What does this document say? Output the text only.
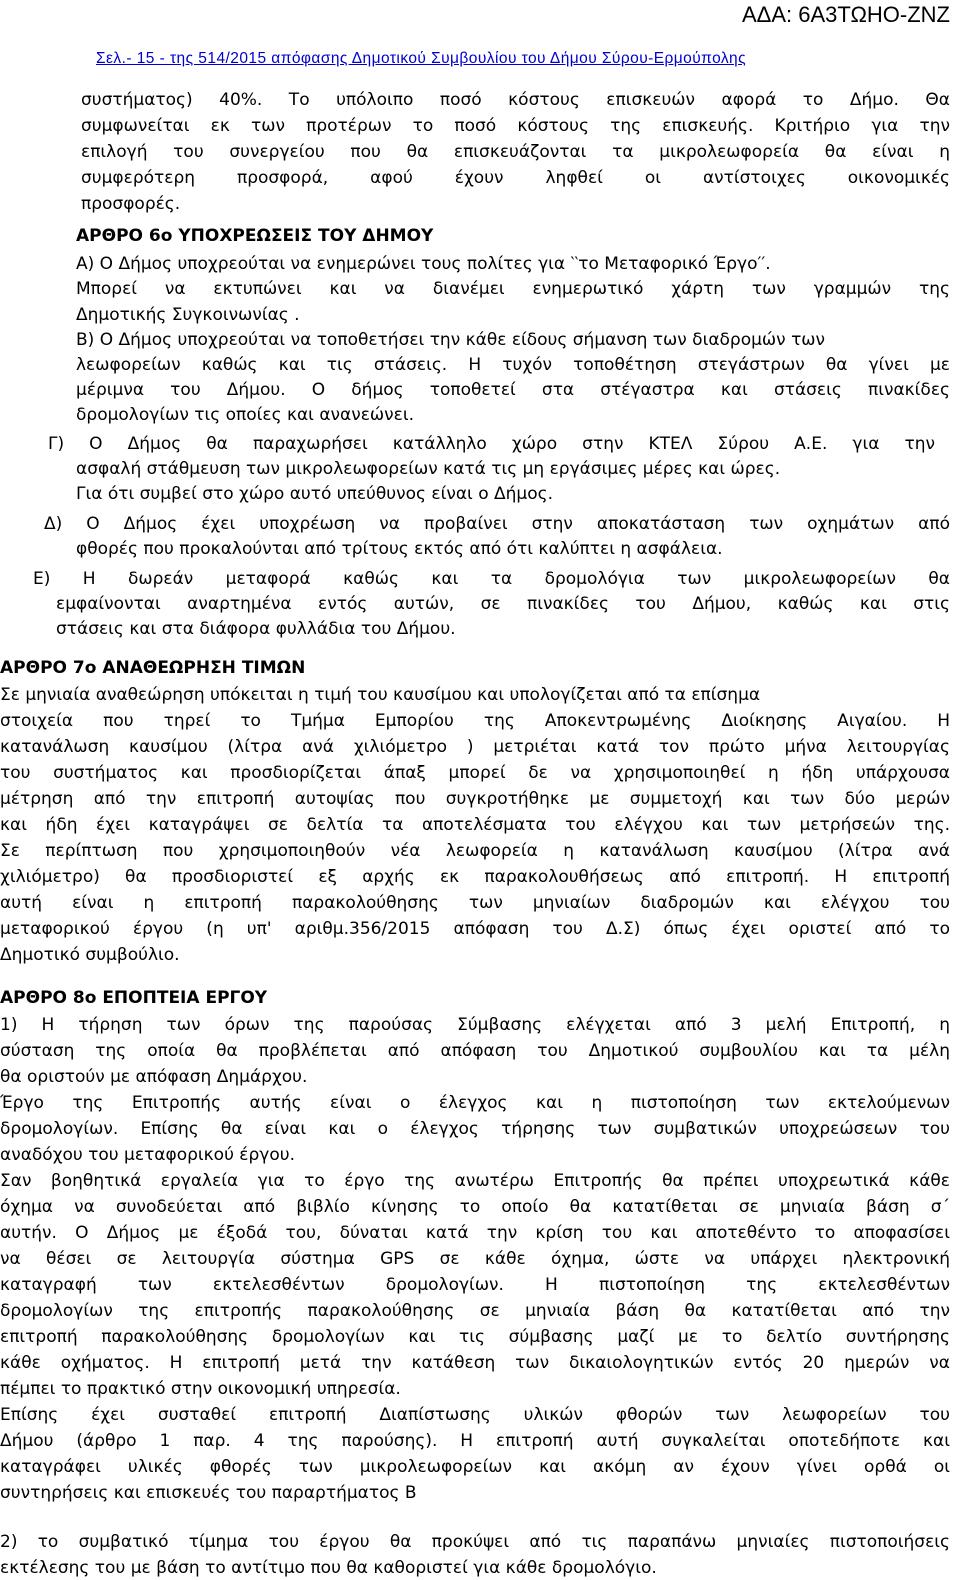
ΑΔΑ: 6Α3ΤΩΗΟ-ΖΝΖ
Σελ.- 15 - της 514/2015 απόφασης Δημοτικού Συμβουλίου του Δήμου Σύρου-Ερμούπολης
συστήματος) 40%. Το υπόλοιπο ποσό κόστους επισκευών αφορά το Δήμο. Θα
συμφωνείται εκ των προτέρων το ποσό κόστους της επισκευής. Κριτήριο για την
επιλογή του συνεργείου που θα επισκευάζονται τα μικρολεωφορεία θα είναι η
συμφερότερη προσφορά, αφού έχουν ληφθεί οι αντίστοιχες οικονομικές
προσφορές.
ΑΡΘΡΟ 6ο ΥΠΟΧΡΕΩΣΕΙΣ ΤΟΥ ΔΗΜΟΥ
Α) Ο Δήμος υποχρεούται να ενημερώνει τους πολίτες για ‵‵το Μεταφορικό Έργο′′.
Μπορεί να εκτυπώνει και να διανέμει ενημερωτικό χάρτη των γραμμών της
Δημοτικής Συγκοινωνίας .
Β) Ο Δήμος υποχρεούται να τοποθετήσει την κάθε είδους σήμανση των διαδρομών των
λεωφορείων καθώς και τις στάσεις. Η τυχόν τοποθέτηση στεγάστρων θα γίνει με
μέριμνα του Δήμου. Ο δήμος τοποθετεί στα στέγαστρα και στάσεις πινακίδες
δρομολογίων τις οποίες και ανανεώνει.
Γ) Ο Δήμος θα παραχωρήσει κατάλληλο χώρο στην ΚΤΕΛ Σύρου Α.Ε. για την
ασφαλή στάθμευση των μικρολεωφορείων κατά τις μη εργάσιμες μέρες και ώρες.
Για ότι συμβεί στο χώρο αυτό υπεύθυνος είναι ο Δήμος.
Δ) Ο Δήμος έχει υποχρέωση να προβαίνει στην αποκατάσταση των οχημάτων από
φθορές που προκαλούνται από τρίτους εκτός από ότι καλύπτει η ασφάλεια.
Ε) Η δωρεάν μεταφορά καθώς και τα δρομολόγια των μικρολεωφορείων θα
εμφαίνονται αναρτημένα εντός αυτών, σε πινακίδες του Δήμου, καθώς και στις
στάσεις και στα διάφορα φυλλάδια του Δήμου.
ΑΡΘΡΟ 7ο ΑΝΑΘΕΩΡΗΣΗ ΤΙΜΩΝ
Σε μηνιαία αναθεώρηση υπόκειται η τιμή του καυσίμου και υπολογίζεται από τα επίσημα
στοιχεία που τηρεί το Τμήμα Εμπορίου της Αποκεντρωμένης Διοίκησης Αιγαίου. Η
κατανάλωση καυσίμου (λίτρα ανά χιλιόμετρο ) μετριέται κατά τον πρώτο μήνα λειτουργίας
του συστήματος και προσδιορίζεται άπαξ μπορεί δε να χρησιμοποιηθεί η ήδη υπάρχουσα
μέτρηση από την επιτροπή αυτοψίας που συγκροτήθηκε με συμμετοχή και των δύο μερών
και ήδη έχει καταγράψει σε δελτία τα αποτελέσματα του ελέγχου και των μετρήσεών της.
Σε περίπτωση που χρησιμοποιηθούν νέα λεωφορεία η κατανάλωση καυσίμου (λίτρα ανά
χιλιόμετρο) θα προσδιοριστεί εξ αρχής εκ παρακολουθήσεως από επιτροπή. Η επιτροπή
αυτή είναι η επιτροπή παρακολούθησης των μηνιαίων διαδρομών και ελέγχου του
μεταφορικού έργου (η υπ' αριθμ.356/2015 απόφαση του Δ.Σ) όπως έχει οριστεί από το
Δημοτικό συμβούλιο.
ΑΡΘΡΟ 8ο ΕΠΟΠΤΕΙΑ ΕΡΓΟΥ
1) Η τήρηση των όρων της παρούσας Σύμβασης ελέγχεται από 3 μελή Επιτροπή, η
σύσταση της οποία θα προβλέπεται από απόφαση του Δημοτικού συμβουλίου και τα μέλη
θα οριστούν με απόφαση Δημάρχου.
Έργο της Επιτροπής αυτής είναι ο έλεγχος και η πιστοποίηση των εκτελούμενων
δρομολογίων. Επίσης θα είναι και ο έλεγχος τήρησης των συμβατικών υποχρεώσεων του
αναδόχου του μεταφορικού έργου.
Σαν βοηθητικά εργαλεία για το έργο της ανωτέρω Επιτροπής θα πρέπει υποχρεωτικά κάθε
όχημα να συνοδεύεται από βιβλίο κίνησης το οποίο θα κατατίθεται σε μηνιαία βάση σ΄
αυτήν. Ο Δήμος με έξοδά του, δύναται κατά την κρίση του και αποτεθέντο το αποφασίσει
να θέσει σε λειτουργία σύστημα GPS σε κάθε όχημα, ώστε να υπάρχει ηλεκτρονική
καταγραφή των εκτελεσθέντων δρομολογίων. Η πιστοποίηση της εκτελεσθέντων
δρομολογίων της επιτροπής παρακολούθησης σε μηνιαία βάση θα κατατίθεται από την
επιτροπή παρακολούθησης δρομολογίων και τις σύμβασης μαζί με το δελτίο συντήρησης
κάθε οχήματος. Η επιτροπή μετά την κατάθεση των δικαιολογητικών εντός 20 ημερών να
πέμπει το πρακτικό στην οικονομική υπηρεσία.
Επίσης έχει συσταθεί επιτροπή Διαπίστωσης υλικών φθορών των λεωφορείων του
Δήμου (άρθρο 1 παρ. 4 της παρούσης). Η επιτροπή αυτή συγκαλείται οποτεδήποτε και
καταγράφει υλικές φθορές των μικρολεωφορείων και ακόμη αν έχουν γίνει ορθά οι
συντηρήσεις και επισκευές του παραρτήματος Β
2) το συμβατικό τίμημα του έργου θα προκύψει από τις παραπάνω μηνιαίες πιστοποιήσεις
εκτέλεσης του με βάση το αντίτιμο που θα καθοριστεί για κάθε δρομολόγιο.
